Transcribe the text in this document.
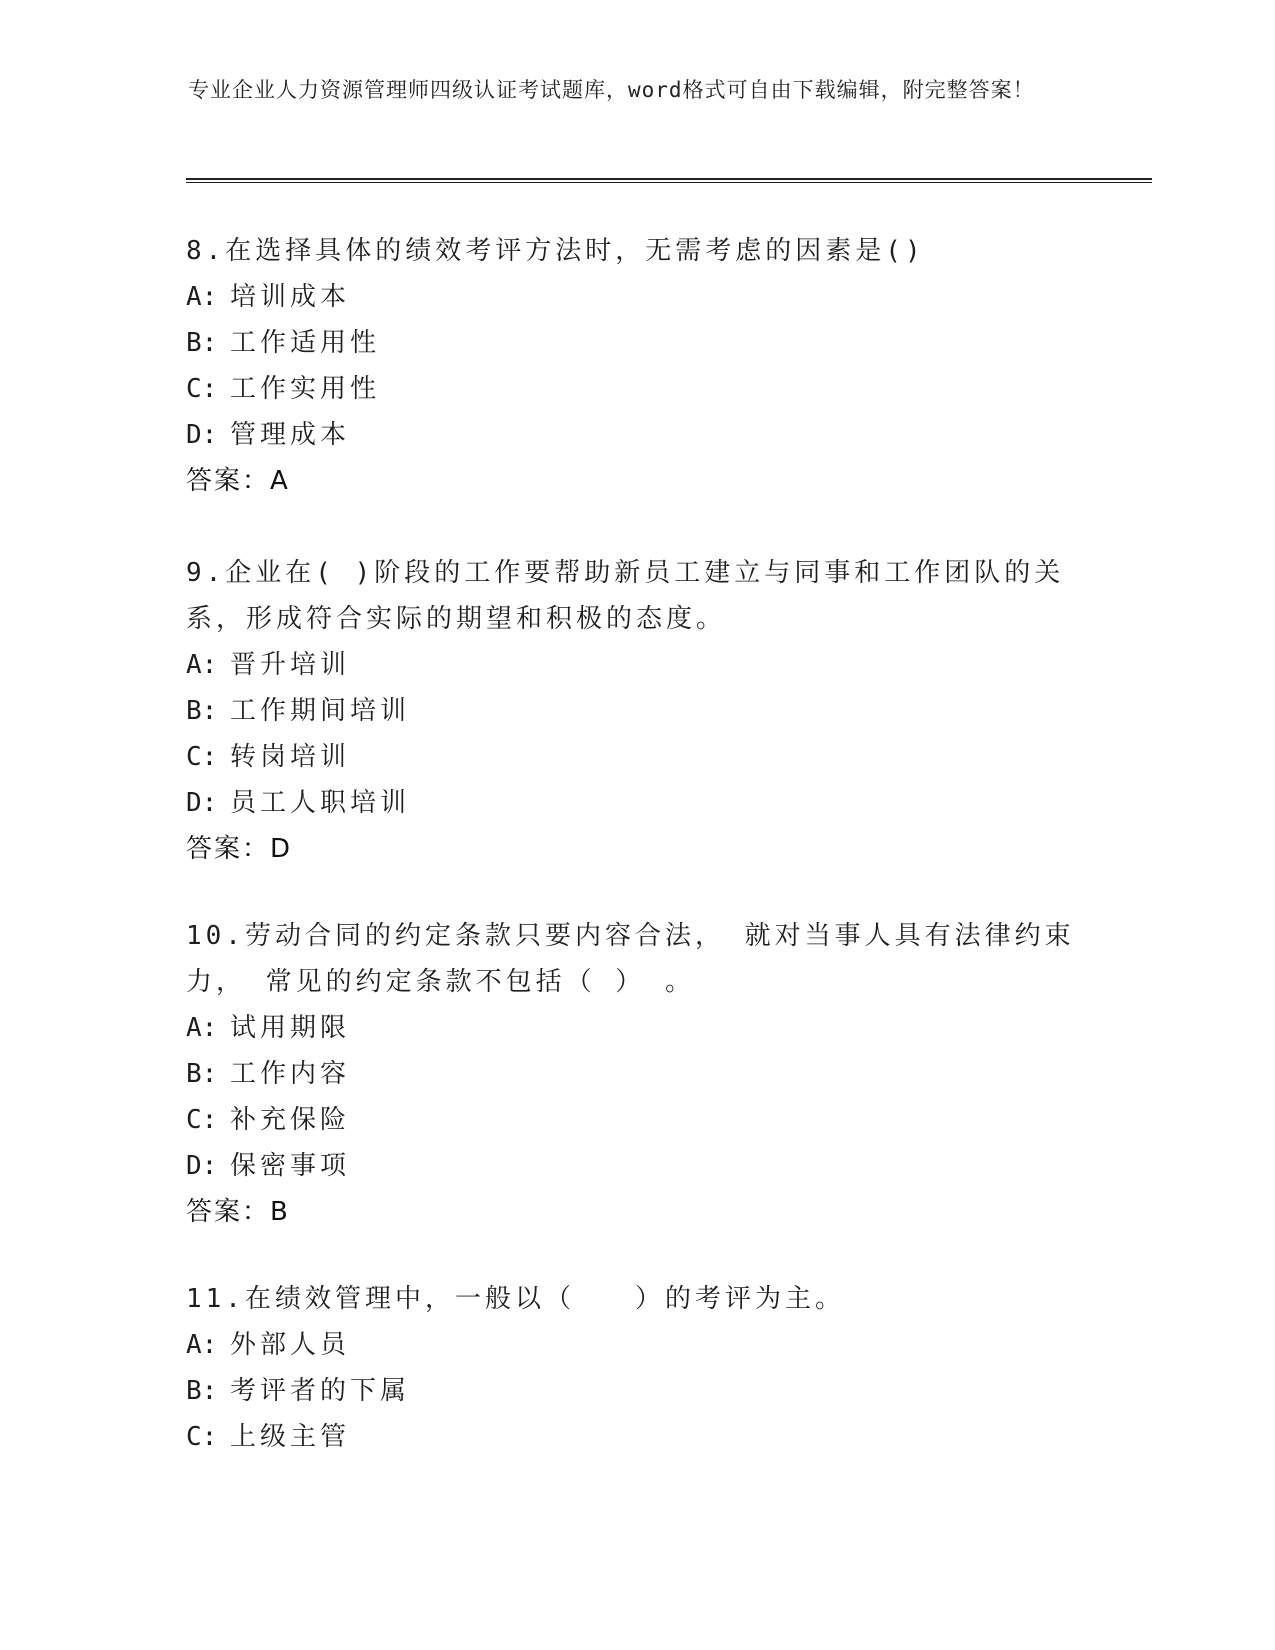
专业企业人力资源管理师四级认证考试题库，word格式可自由下载编辑，附完整答案！
8.在选择具体的绩效考评方法时，无需考虑的因素是()
A: 培训成本
B: 工作适用性
C: 工作实用性
D: 管理成本
答案：A
9.企业在( )阶段的工作要帮助新员工建立与同事和工作团队的关系，形成符合实际的期望和积极的态度。
A: 晋升培训
B: 工作期间培训
C: 转岗培训
D: 员工人职培训
答案：D
10.劳动合同的约定条款只要内容合法， 就对当事人具有法律约束力， 常见的约定条款不包括（ ） 。
A: 试用期限
B: 工作内容
C: 补充保险
D: 保密事项
答案：B
11.在绩效管理中，一般以（　　）的考评为主。
A: 外部人员
B: 考评者的下属
C: 上级主管
